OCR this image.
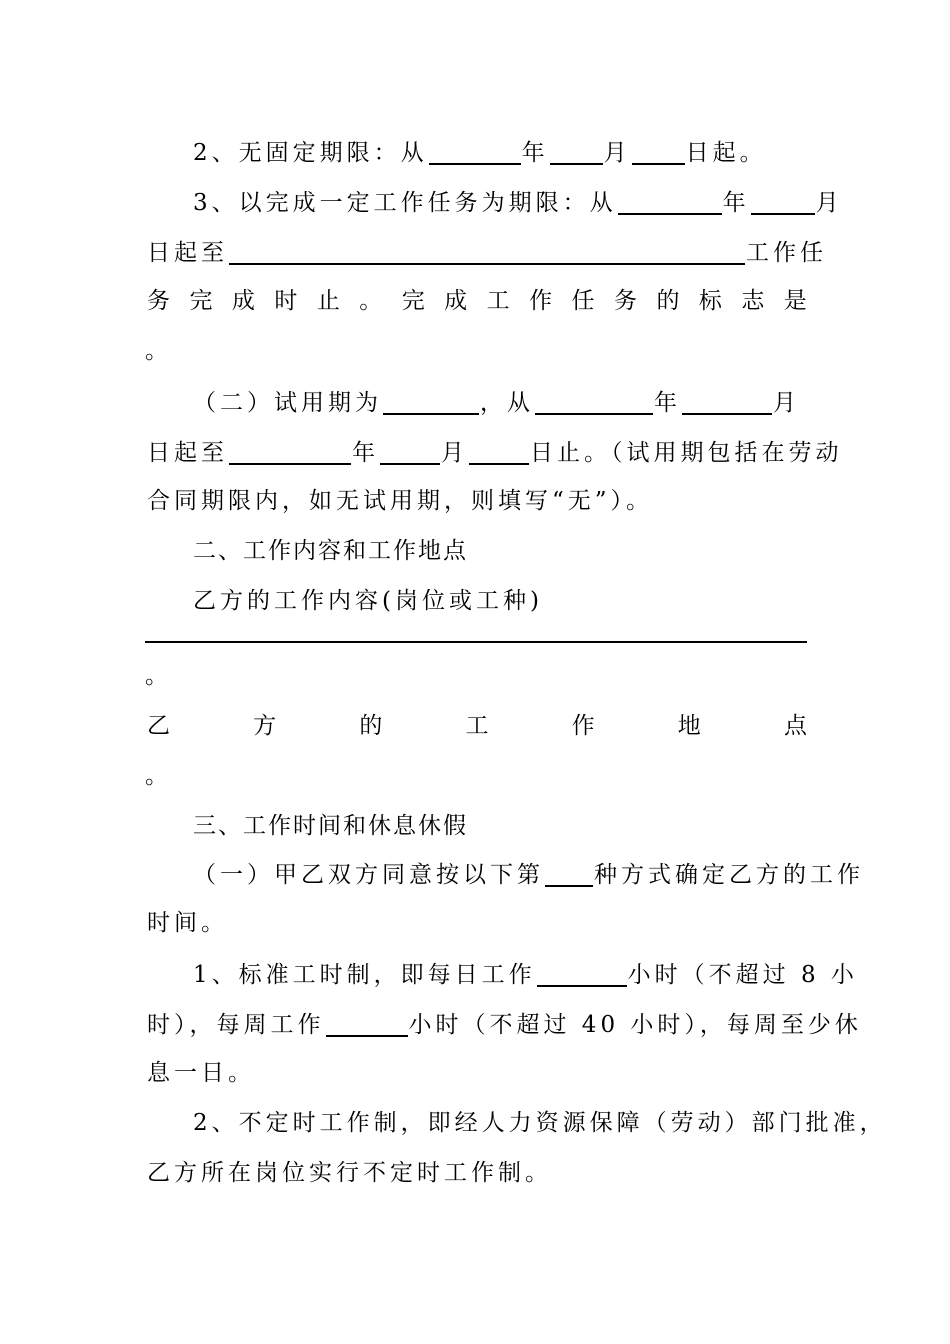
2、无固定期限：从	年 月 日起。
3、以完成一定工作任务为期限：从	年	月
日起至	工作任
务 完 成 时 止 。 完 成 工 作 任 务 的 标 志 是
。
（二）试用期为	，从	年	月
日起至	年	月	日止。（试用期包括在劳动
合同期限内，如无试用期，则填写“无”）。
二、工作内容和工作地点
乙方的工作内容(岗位或工种)
。
乙	方	的	工	作	地	点
。
三、工作时间和休息休假
（一）甲乙双方同意按以下第 种方式确定乙方的工作
时间。
1、标准工时制，即每日工作	小时（不超过 8 小
时），每周工作	小时（不超过 40 小时），每周至少休
息一日。
2、不定时工作制，即经人力资源保障（劳动）部门批准，
乙方所在岗位实行不定时工作制。
